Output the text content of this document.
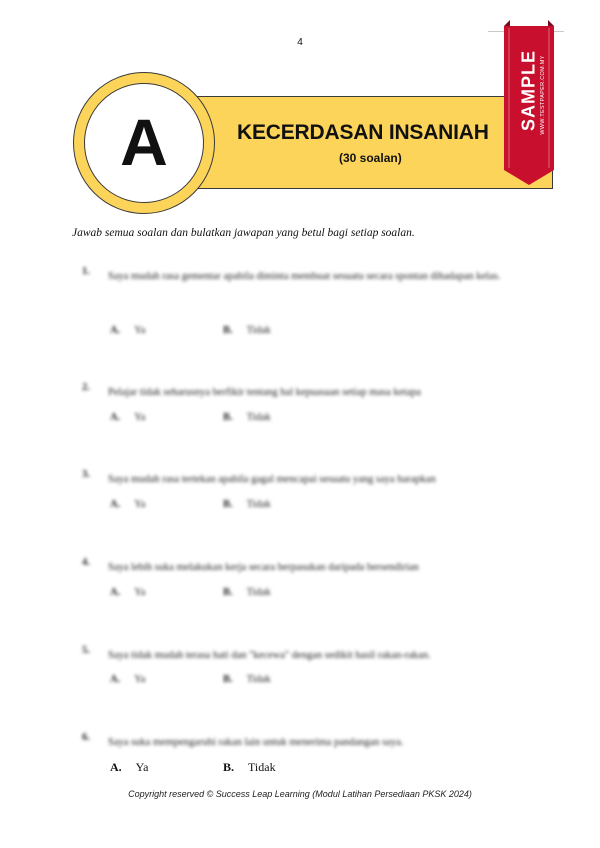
4
KECERDASAN INSANIAH
(30 soalan)
A
SAMPLE WWW.TESTPAPER.COM.MY
Jawab semua soalan dan bulatkan jawapan yang betul bagi setiap soalan.
1. Saya mudah rasa gementar apabila diminta membuat sesuatu secara spontan dihadapan kelas.
A. Ya	B. Tidak
2. Pelajar tidak seharusnya berfikir tentang hal kepuasaan setiap masa ketapa
A. Ya	B. Tidak
3. Saya mudah rasa tertekan apabila gagal mencapai sesuatu yang saya harapkan
A. Ya	B. Tidak
4. Saya lebih suka melakukan kerja secara berpasukan daripada bersendirian
A. Ya	B. Tidak
5. Saya tidak mudah terasa hati dan "kecewa" dengan sedikit hasil rakan-rakan.
A. Ya	B. Tidak
6. Saya suka mempengaruhi rakan lain untuk menerima pandangan saya.
A. Ya	B. Tidak
Copyright reserved © Success Leap Learning (Modul Latihan Persediaan PKSK 2024)
